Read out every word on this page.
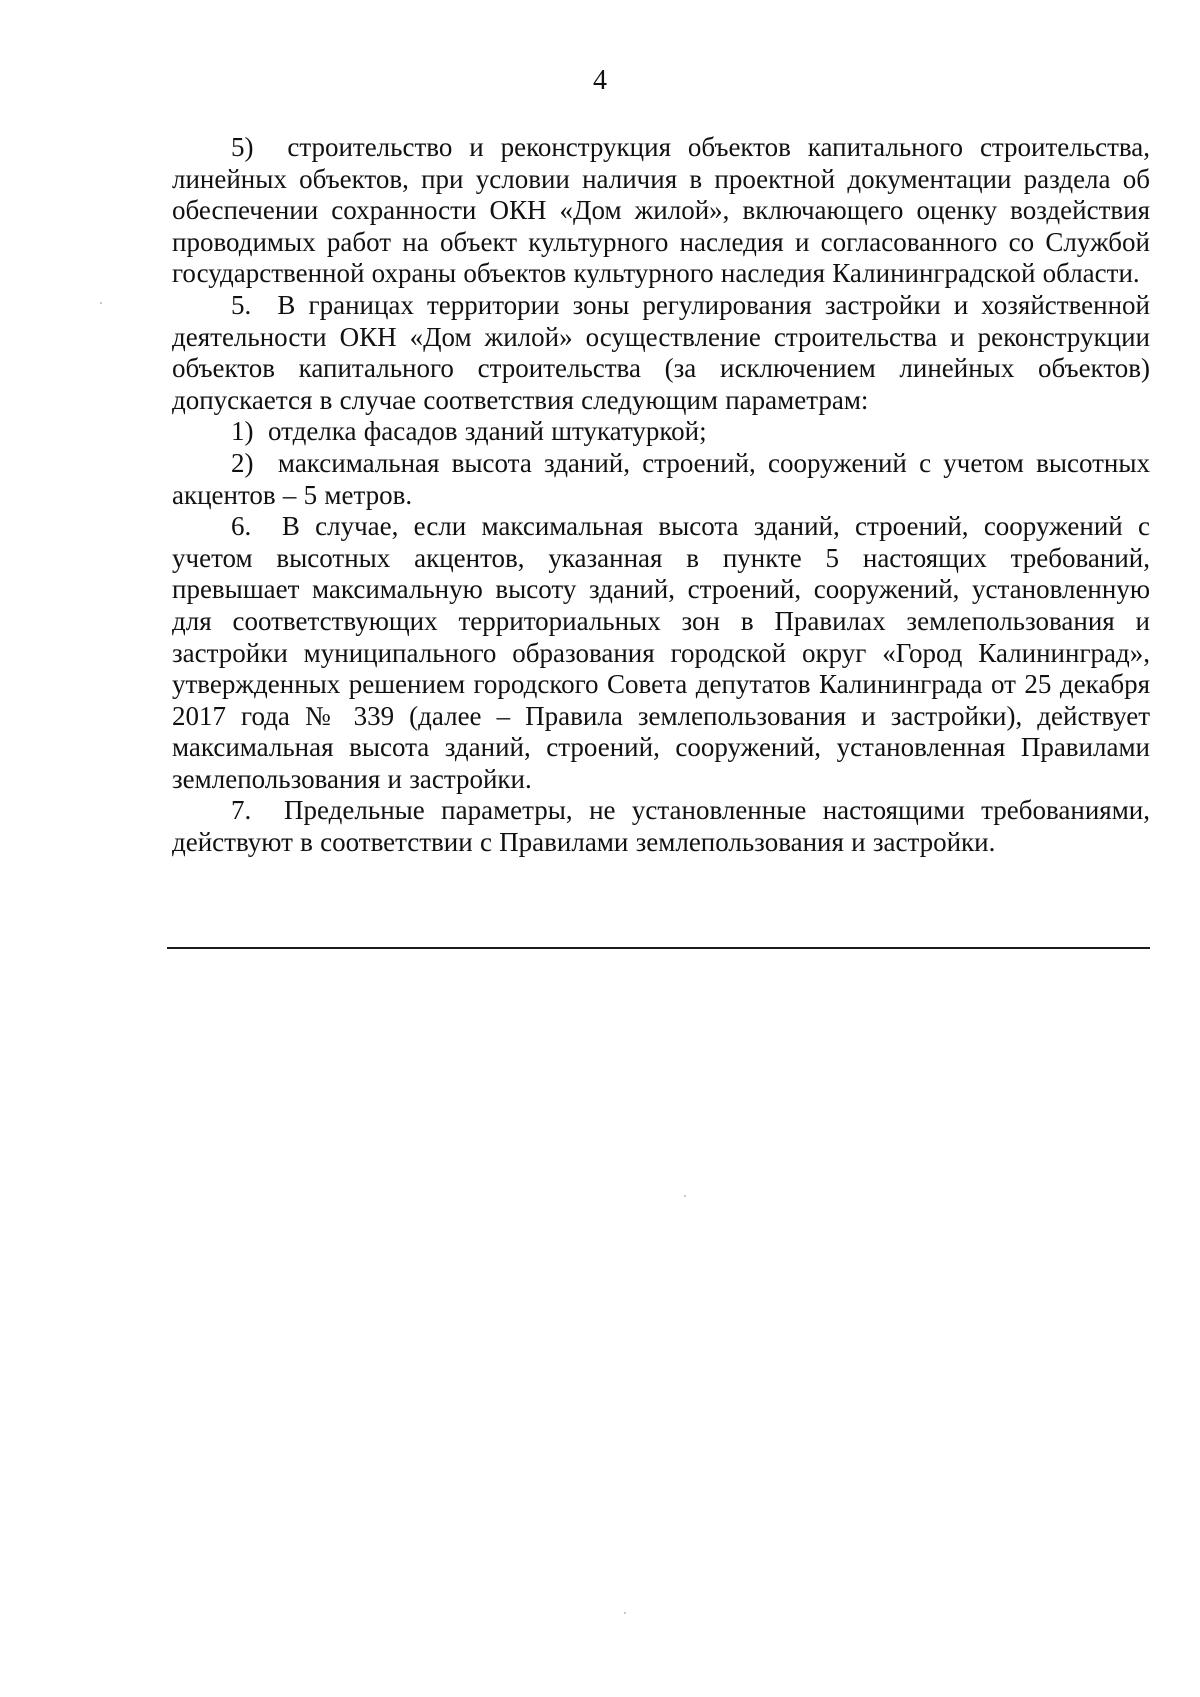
4

5)  строительство и реконструкция объектов капитального строительства, линейных объектов, при условии наличия в проектной документации раздела об обеспечении сохранности ОКН «Дом жилой», включающего оценку воздействия проводимых работ на объект культурного наследия и согласованного со Службой государственной охраны объектов культурного наследия Калининградской области.

5.  В границах территории зоны регулирования застройки и хозяйственной деятельности ОКН «Дом жилой» осуществление строительства и реконструкции объектов капитального строительства (за исключением линейных объектов) допускается в случае соответствия следующим параметрам:

1)  отделка фасадов зданий штукатуркой;

2)  максимальная высота зданий, строений, сооружений с учетом высотных акцентов – 5 метров.

6.  В случае, если максимальная высота зданий, строений, сооружений с учетом высотных акцентов, указанная в пункте 5 настоящих требований, превышает максимальную высоту зданий, строений, сооружений, установленную для соответствующих территориальных зон в Правилах землепользования и застройки муниципального образования городской округ «Город Калининград», утвержденных решением городского Совета депутатов Калининграда от 25 декабря 2017 года № 339 (далее – Правила землепользования и застройки), действует максимальная высота зданий, строений, сооружений, установленная Правилами землепользования и застройки.

7.  Предельные параметры, не установленные настоящими требованиями, действуют в соответствии с Правилами землепользования и застройки.
